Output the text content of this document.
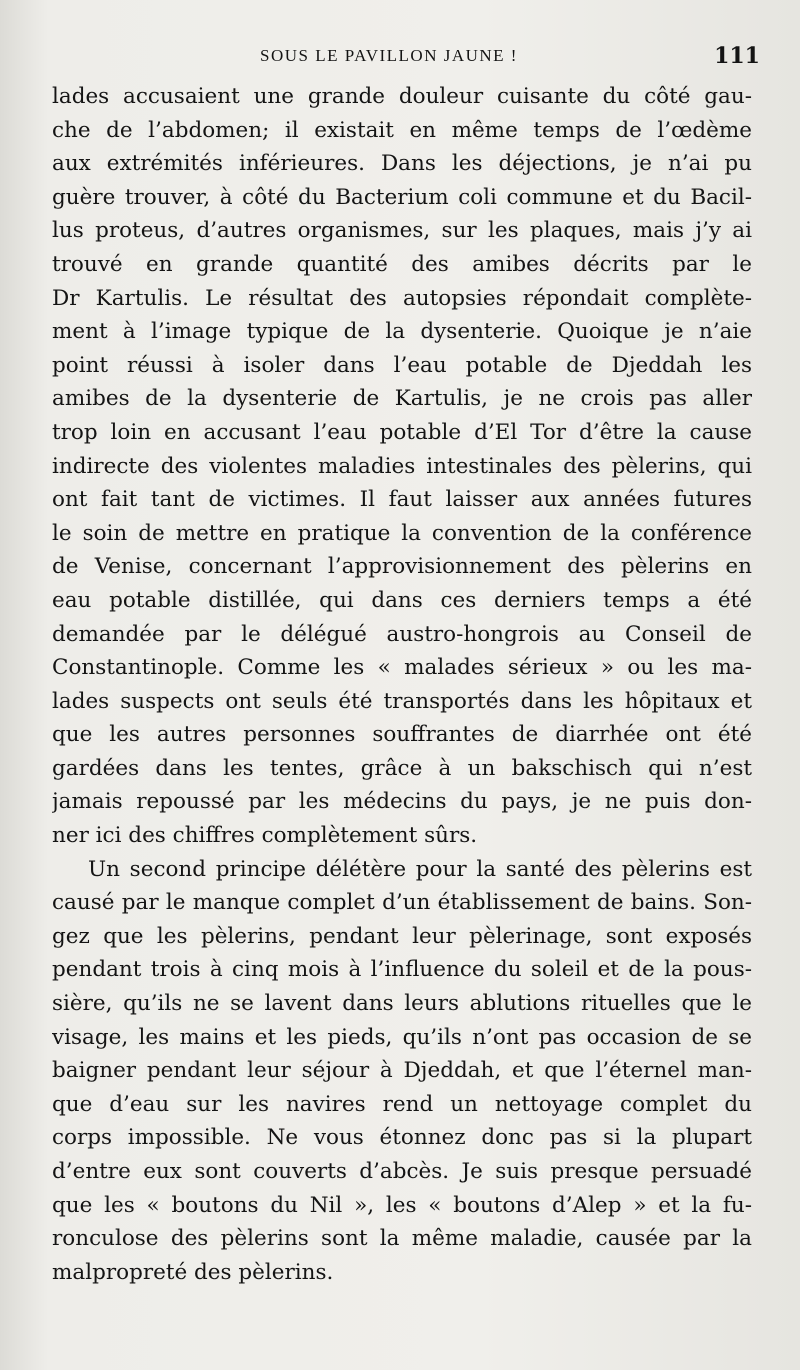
SOUS LE PAVILLON JAUNE !	111
lades accusaient une grande douleur cuisante du côté gau-
che de l’abdomen; il existait en même temps de l’œdème
aux extrémités inférieures. Dans les déjections, je n’ai pu
guère trouver, à côté du Bacterium coli commune et du Bacil-
lus proteus, d’autres organismes, sur les plaques, mais j’y ai
trouvé en grande quantité des amibes décrits par le
Dr Kartulis. Le résultat des autopsies répondait complète-
ment à l’image typique de la dysenterie. Quoique je n’aie
point réussi à isoler dans l’eau potable de Djeddah les
amibes de la dysenterie de Kartulis, je ne crois pas aller
trop loin en accusant l’eau potable d’El Tor d’être la cause
indirecte des violentes maladies intestinales des pèlerins, qui
ont fait tant de victimes. Il faut laisser aux années futures
le soin de mettre en pratique la convention de la conférence
de Venise, concernant l’approvisionnement des pèlerins en
eau potable distillée, qui dans ces derniers temps a été
demandée par le délégué austro-hongrois au Conseil de
Constantinople. Comme les « malades sérieux » ou les ma-
lades suspects ont seuls été transportés dans les hôpitaux et
que les autres personnes souffrantes de diarrhée ont été
gardées dans les tentes, grâce à un bakschisch qui n’est
jamais repoussé par les médecins du pays, je ne puis don-
ner ici des chiffres complètement sûrs.
Un second principe délétère pour la santé des pèlerins est
causé par le manque complet d’un établissement de bains. Son-
gez que les pèlerins, pendant leur pèlerinage, sont exposés
pendant trois à cinq mois à l’influence du soleil et de la pous-
sière, qu’ils ne se lavent dans leurs ablutions rituelles que le
visage, les mains et les pieds, qu’ils n’ont pas occasion de se
baigner pendant leur séjour à Djeddah, et que l’éternel man-
que d’eau sur les navires rend un nettoyage complet du
corps impossible. Ne vous étonnez donc pas si la plupart
d’entre eux sont couverts d’abcès. Je suis presque persuadé
que les « boutons du Nil », les « boutons d’Alep » et la fu-
ronculose des pèlerins sont la même maladie, causée par la
malpropreté des pèlerins.
